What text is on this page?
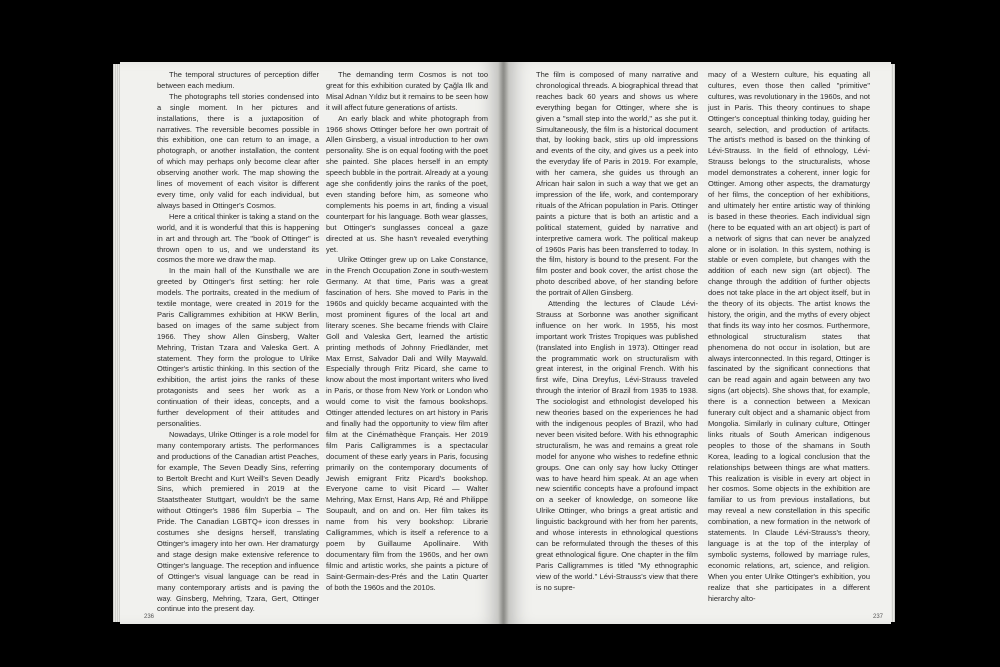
The temporal structures of perception differ between each medium.

The photographs tell stories condensed into a single moment. In her pictures and installations, there is a juxtaposition of narratives. The reversible becomes possible in this exhibition, one can return to an image, a photograph, or another installation, the content of which may perhaps only become clear after observing another work. The map showing the lines of movement of each visitor is different every time, only valid for each individual, but always based in Ottinger's Cosmos.

Here a critical thinker is taking a stand on the world, and it is wonderful that this is happening in art and through art. The "book of Ottinger" is thrown open to us, and we understand its cosmos the more we draw the map.

In the main hall of the Kunsthalle we are greeted by Ottinger's first setting: her role models. The portraits, created in the medium of textile montage, were created in 2019 for the Paris Calligrammes exhibition at HKW Berlin, based on images of the same subject from 1966. They show Allen Ginsberg, Walter Mehring, Tristan Tzara and Valeska Gert. A statement. They form the prologue to Ulrike Ottinger's artistic thinking. In this section of the exhibition, the artist joins the ranks of these protagonists and sees her work as a continuation of their ideas, concepts, and a further development of their attitudes and personalities.

Nowadays, Ulrike Ottinger is a role model for many contemporary artists. The performances and productions of the Canadian artist Peaches, for example, The Seven Deadly Sins, referring to Bertolt Brecht and Kurt Weill's Seven Deadly Sins, which premiered in 2019 at the Staatstheater Stuttgart, wouldn't be the same without Ottinger's 1986 film Superbia – The Pride. The Canadian LGBTQ+ icon dresses in costumes she designs herself, translating Ottinger's imagery into her own. Her dramaturgy and stage design make extensive reference to Ottinger's language. The reception and influence of Ottinger's visual language can be read in many contemporary artists and is paving the way. Ginsberg, Mehring, Tzara, Gert, Ottinger continue into the present day.

The demanding term Cosmos is not too great for this exhibition curated by Çağla Ilk and Misal Adnan Yıldız but it remains to be seen how it will affect future generations of artists.

An early black and white photograph from 1966 shows Ottinger before her own portrait of Allen Ginsberg, a visual introduction to her own personality. She is on equal footing with the poet she painted. She places herself in an empty speech bubble in the portrait. Already at a young age she confidently joins the ranks of the poet, even standing before him, as someone who complements his poems in art, finding a visual counterpart for his language. Both wear glasses, but Ottinger's sunglasses conceal a gaze directed at us. She hasn't revealed everything yet.

Ulrike Ottinger grew up on Lake Constance, in the French Occupation Zone in south-western Germany. At that time, Paris was a great fascination of hers. She moved to Paris in the 1960s and quickly became acquainted with the most prominent figures of the local art and literary scenes. She became friends with Claire Goll and Valeska Gert, learned the artistic printing methods of Johnny Friedländer, met Max Ernst, Salvador Dali and Willy Maywald. Especially through Fritz Picard, she came to know about the most important writers who lived in Paris, or those from New York or London who would come to visit the famous bookshops. Ottinger attended lectures on art history in Paris and finally had the opportunity to view film after film at the Cinémathèque Français. Her 2019 film Paris Calligrammes is a spectacular document of these early years in Paris, focusing primarily on the contemporary documents of Jewish emigrant Fritz Picard's bookshop. Everyone came to visit Picard — Walter Mehring, Max Ernst, Hans Arp, Ré and Philippe Soupault, and on and on. Her film takes its name from his very bookshop: Librarie Calligrammes, which is itself a reference to a poem by Guillaume Apollinaire. With documentary film from the 1960s, and her own filmic and artistic works, she paints a picture of Saint-Germain-des-Prés and the Latin Quarter of both the 1960s and the 2010s.

236

The film is composed of many narrative and chronological threads. A biographical thread that reaches back 60 years and shows us where everything began for Ottinger, where she is given a "small step into the world," as she put it. Simultaneously, the film is a historical document that, by looking back, stirs up old impressions and events of the city, and gives us a peek into the everyday life of Paris in 2019. For example, with her camera, she guides us through an African hair salon in such a way that we get an impression of the life, work, and contemporary rituals of the African population in Paris. Ottinger paints a picture that is both an artistic and a political statement, guided by narrative and interpretive camera work. The political makeup of 1960s Paris has been transferred to today. In the film, history is bound to the present. For the film poster and book cover, the artist chose the photo described above, of her standing before the portrait of Allen Ginsberg.

Attending the lectures of Claude Lévi-Strauss at Sorbonne was another significant influence on her work. In 1955, his most important work Tristes Tropiques was published (translated into English in 1973). Ottinger read the programmatic work on structuralism with great interest, in the original French. With his first wife, Dina Dreyfus, Lévi-Strauss traveled through the interior of Brazil from 1935 to 1938. The sociologist and ethnologist developed his new theories based on the experiences he had with the indigenous peoples of Brazil, who had never been visited before. With his ethnographic structuralism, he was and remains a great role model for anyone who wishes to redefine ethnic groups. One can only say how lucky Ottinger was to have heard him speak. At an age when new scientific concepts have a profound impact on a seeker of knowledge, on someone like Ulrike Ottinger, who brings a great artistic and linguistic background with her from her parents, and whose interests in ethnological questions can be reformulated through the theses of this great ethnological figure. One chapter in the film Paris Calligrammes is titled "My ethnographic view of the world." Lévi-Strauss's view that there is no supre-

macy of a Western culture, his equating all cultures, even those then called "primitive" cultures, was revolutionary in the 1960s, and not just in Paris. This theory continues to shape Ottinger's conceptual thinking today, guiding her search, selection, and production of artifacts. The artist's method is based on the thinking of Lévi-Strauss. In the field of ethnology, Lévi-Strauss belongs to the structuralists, whose model demonstrates a coherent, inner logic for Ottinger. Among other aspects, the dramaturgy of her films, the conception of her exhibitions, and ultimately her entire artistic way of thinking is based in these theories. Each individual sign (here to be equated with an art object) is part of a network of signs that can never be analyzed alone or in isolation. In this system, nothing is stable or even complete, but changes with the addition of each new sign (art object). The change through the addition of further objects does not take place in the art object itself, but in the theory of its objects. The artist knows the history, the origin, and the myths of every object that finds its way into her cosmos. Furthermore, ethnological structuralism states that phenomena do not occur in isolation, but are always interconnected. In this regard, Ottinger is fascinated by the significant connections that can be read again and again between any two signs (art objects). She shows that, for example, there is a connection between a Mexican funerary cult object and a shamanic object from Mongolia. Similarly in culinary culture, Ottinger links rituals of South American indigenous peoples to those of the shamans in South Korea, leading to a logical conclusion that the relationships between things are what matters. This realization is visible in every art object in her cosmos. Some objects in the exhibition are familiar to us from previous installations, but may reveal a new constellation in this specific combination, a new formation in the network of statements. In Claude Lévi-Strauss's theory, language is at the top of the interplay of symbolic systems, followed by marriage rules, economic relations, art, science, and religion. When you enter Ulrike Ottinger's exhibition, you realize that she participates in a different hierarchy alto-

237
